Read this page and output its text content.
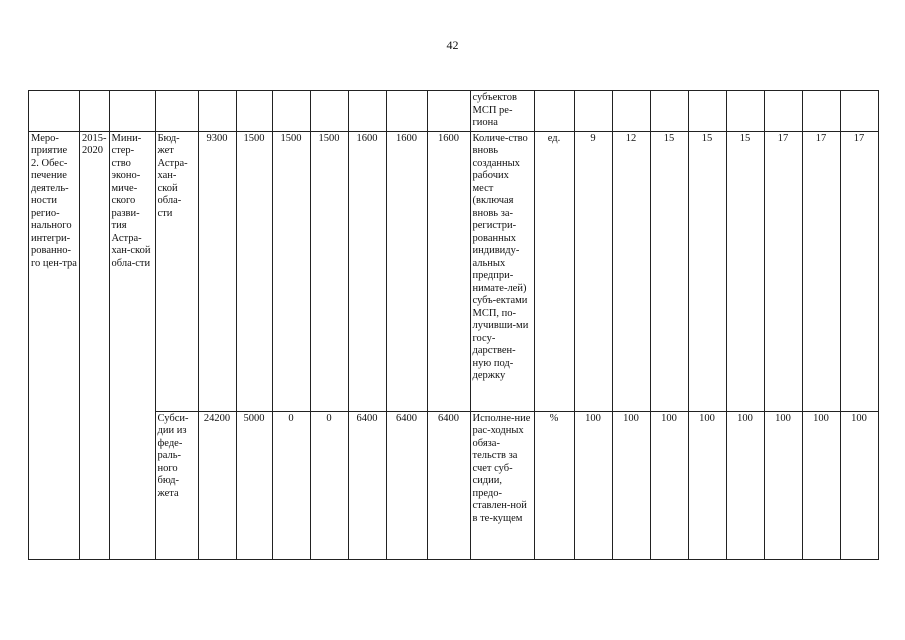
42
											субъектов МСП ре-гиона									
Меро-приятие 2. Обес-печение деятель-ности регио-нального интегри-рованно-го цен-тра	2015-2020	Мини-стер-ство эконо-миче-ского разви-тия Астра-хан-ской обла-сти	Бюд-жет Астра-хан-ской обла-сти	9300	1500	1500	1500	1600	1600	1600	Количе-ство вновь созданных рабочих мест (включая вновь за-регистри-рованных индивиду-альных предпри-нимате-лей) субъ-ектами МСП, по-лучивши-ми госу-дарствен-ную под-держку	ед.	9	12	15	15	15	17	17	17
			Субси-дии из феде-раль-ного бюд-жета	24200	5000	0	0	6400	6400	6400	Исполне-ние рас-ходных обяза-тельств за счет суб-сидии, предо-ставлен-ной в те-кущем	%	100	100	100	100	100	100	100	100
